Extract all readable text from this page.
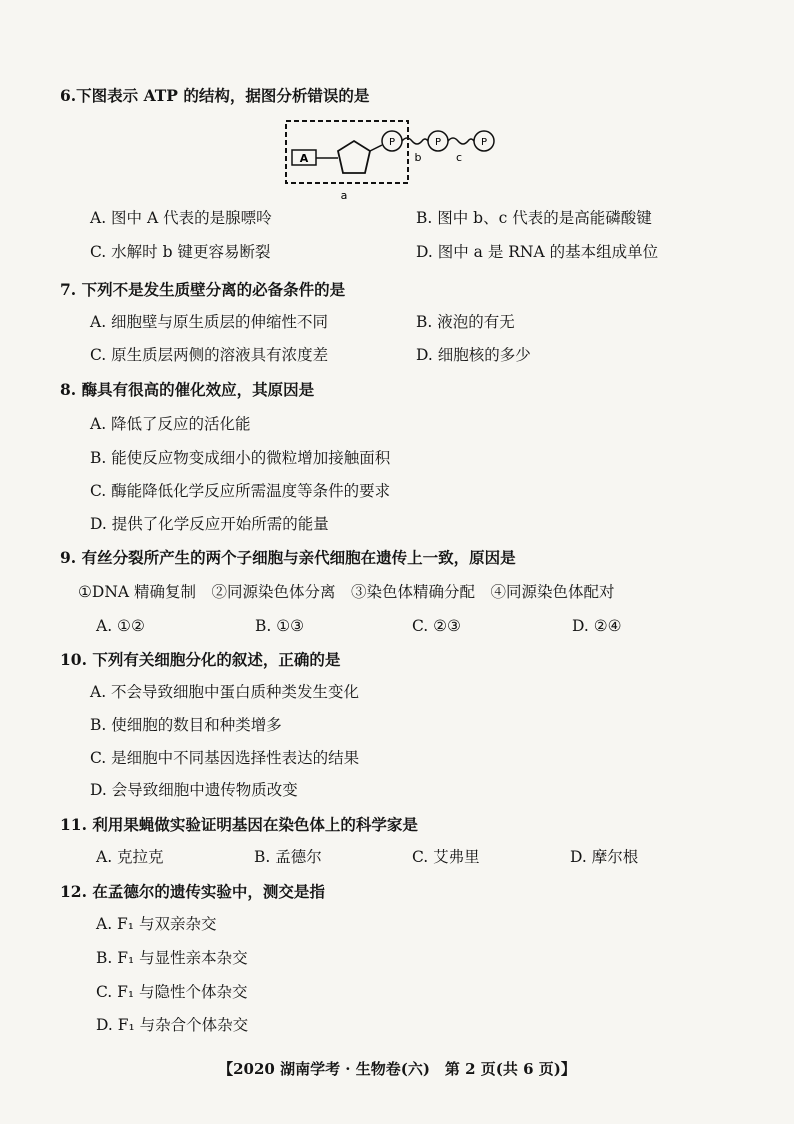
6.下图表示 ATP 的结构，据图分析错误的是
A
P	P	P
b	c
a
A. 图中 A 代表的是腺嘌呤	B. 图中 b、c 代表的是高能磷酸键
C. 水解时 b 键更容易断裂	D. 图中 a 是 RNA 的基本组成单位
7. 下列不是发生质壁分离的必备条件的是
A. 细胞壁与原生质层的伸缩性不同	B. 液泡的有无
C. 原生质层两侧的溶液具有浓度差	D. 细胞核的多少
8. 酶具有很高的催化效应，其原因是
A. 降低了反应的活化能
B. 能使反应物变成细小的微粒增加接触面积
C. 酶能降低化学反应所需温度等条件的要求
D. 提供了化学反应开始所需的能量
9. 有丝分裂所产生的两个子细胞与亲代细胞在遗传上一致，原因是
①DNA 精确复制　②同源染色体分离　③染色体精确分配　④同源染色体配对
A. ①②	B. ①③	C. ②③	D. ②④
10. 下列有关细胞分化的叙述，正确的是
A. 不会导致细胞中蛋白质种类发生变化
B. 使细胞的数目和种类增多
C. 是细胞中不同基因选择性表达的结果
D. 会导致细胞中遗传物质改变
11. 利用果蝇做实验证明基因在染色体上的科学家是
A. 克拉克	B. 孟德尔	C. 艾弗里	D. 摩尔根
12. 在孟德尔的遗传实验中，测交是指
A. F₁ 与双亲杂交
B. F₁ 与显性亲本杂交
C. F₁ 与隐性个体杂交
D. F₁ 与杂合个体杂交
【2020 湖南学考 · 生物卷(六)　第 2 页(共 6 页)】
